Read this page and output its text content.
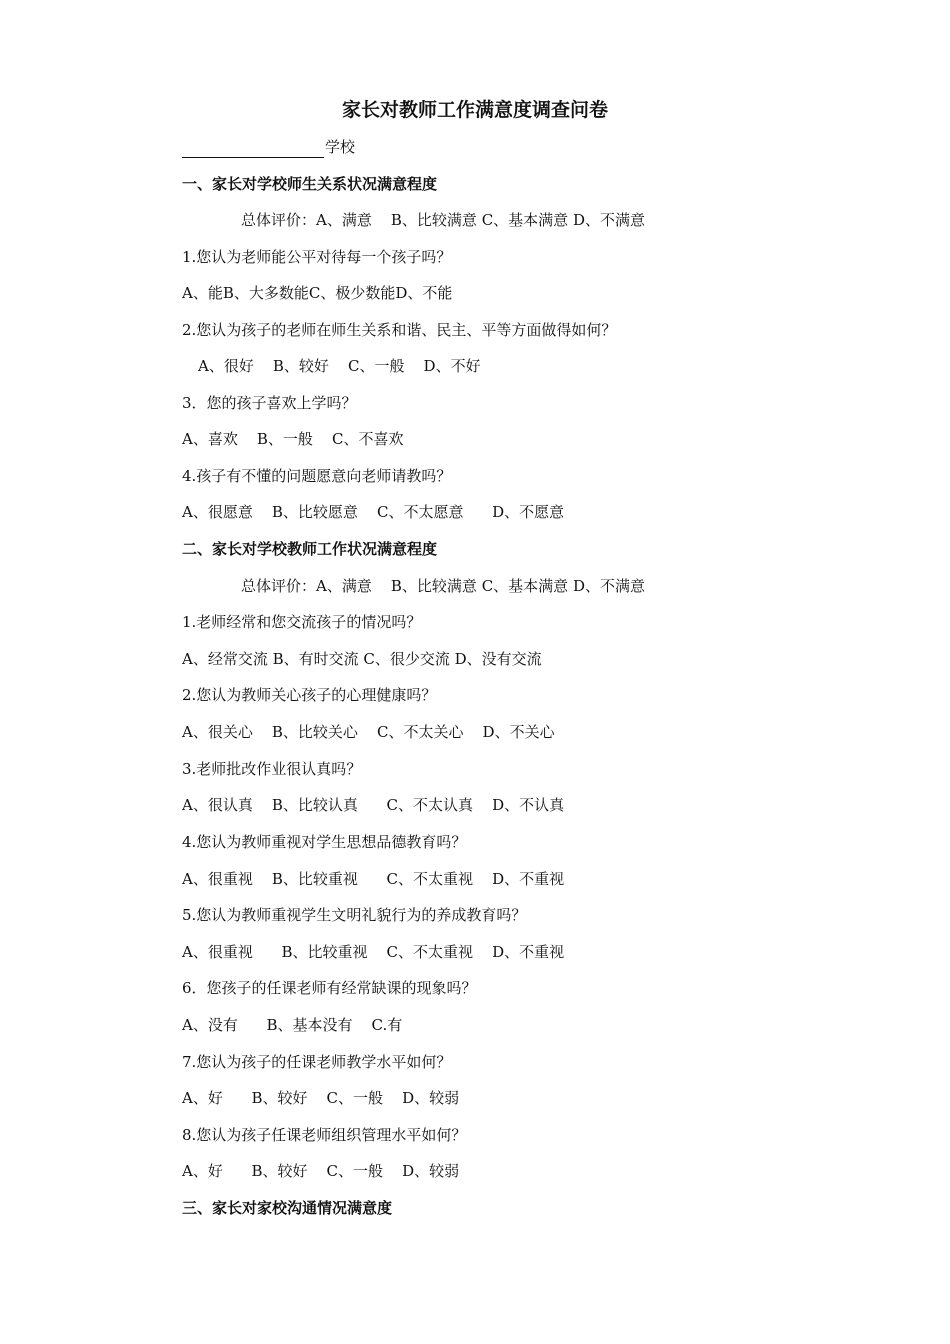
家长对教师工作满意度调查问卷
学校
一、家长对学校师生关系状况满意程度
总体评价：A、满意    B、比较满意 C、基本满意 D、不满意
1.您认为老师能公平对待每一个孩子吗？
A、能B、大多数能C、极少数能D、不能
2.您认为孩子的老师在师生关系和谐、民主、平等方面做得如何？
A、很好    B、较好    C、一般    D、不好
3．您的孩子喜欢上学吗？
A、喜欢    B、一般    C、不喜欢
4.孩子有不懂的问题愿意向老师请教吗？
A、很愿意    B、比较愿意    C、不太愿意      D、不愿意
二、家长对学校教师工作状况满意程度
总体评价：A、满意    B、比较满意 C、基本满意 D、不满意
1.老师经常和您交流孩子的情况吗？
A、经常交流 B、有时交流 C、很少交流 D、没有交流
2.您认为教师关心孩子的心理健康吗？
A、很关心    B、比较关心    C、不太关心    D、不关心
3.老师批改作业很认真吗？
A、很认真    B、比较认真      C、不太认真    D、不认真
4.您认为教师重视对学生思想品德教育吗？
A、很重视    B、比较重视      C、不太重视    D、不重视
5.您认为教师重视学生文明礼貌行为的养成教育吗？
A、很重视      B、比较重视    C、不太重视    D、不重视
6．您孩子的任课老师有经常缺课的现象吗？
A、没有      B、基本没有    C.有
7.您认为孩子的任课老师教学水平如何？
A、好      B、较好    C、一般    D、较弱
8.您认为孩子任课老师组织管理水平如何？
A、好      B、较好    C、一般    D、较弱
三、家长对家校沟通情况满意度
